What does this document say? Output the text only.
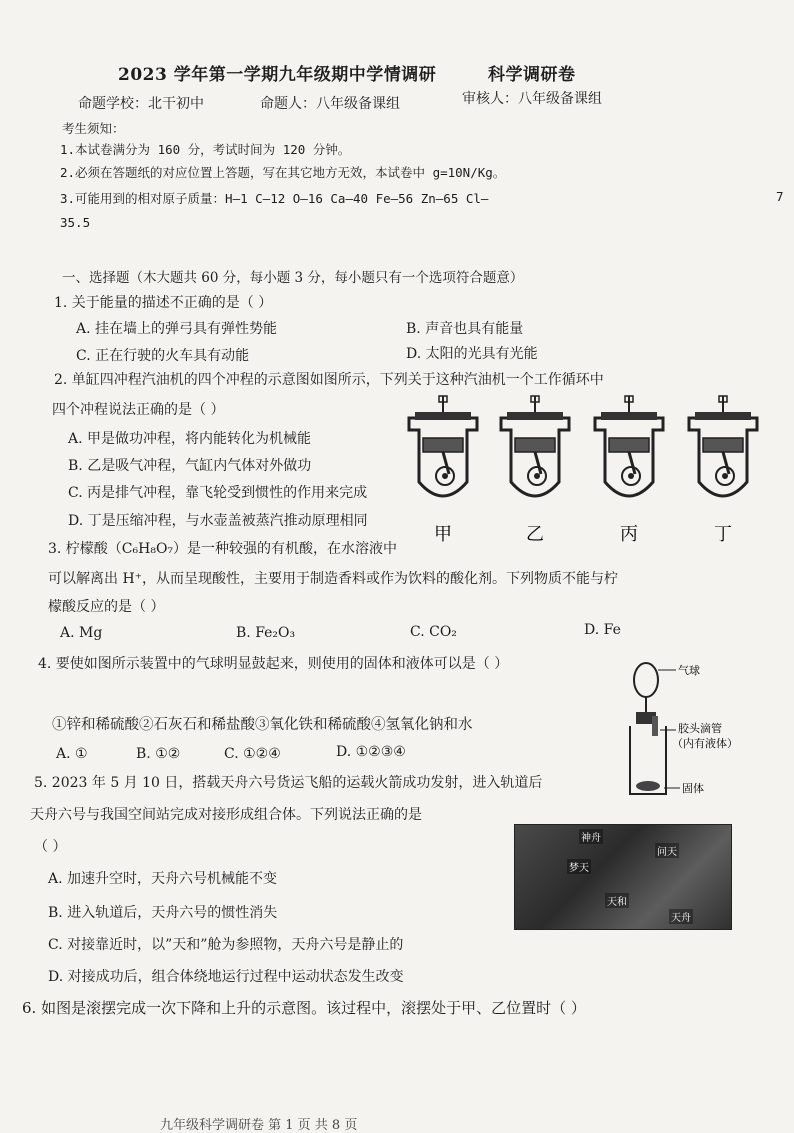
2023 学年第一学期九年级期中学情调研	科学调研卷
命题学校：北干初中	命题人：八年级备课组	审核人：八年级备课组
考生须知：
1.本试卷满分为 160 分，考试时间为 120 分钟。
2.必须在答题纸的对应位置上答题，写在其它地方无效，本试卷中 g=10N/Kg。
3.可能用到的相对原子质量：H—1 C—12 O—16 Ca—40 Fe—56 Zn—65 Cl—
35.5
7
一、选择题（木大题共 60 分，每小题 3 分，每小题只有一个选项符合题意）
1. 关于能量的描述不正确的是（ ）
A. 挂在墙上的弹弓具有弹性势能	B. 声音也具有能量
C. 正在行驶的火车具有动能	D. 太阳的光具有光能
2. 单缸四冲程汽油机的四个冲程的示意图如图所示，下列关于这种汽油机一个工作循环中
四个冲程说法正确的是（ ）
A. 甲是做功冲程，将内能转化为机械能
B. 乙是吸气冲程，气缸内气体对外做功
C. 丙是排气冲程，靠飞轮受到惯性的作用来完成
D. 丁是压缩冲程，与水壶盖被蒸汽推动原理相同
甲	乙	丙	丁
3. 柠檬酸（C₆H₈O₇）是一种较强的有机酸，在水溶液中
可以解离出 H⁺，从而呈现酸性，主要用于制造香料或作为饮料的酸化剂。下列物质不能与柠
檬酸反应的是（ ）
A. Mg	B. Fe₂O₃	C. CO₂	D. Fe
4. 要使如图所示装置中的气球明显鼓起来，则使用的固体和液体可以是（ ）
①锌和稀硫酸②石灰石和稀盐酸③氧化铁和稀硫酸④氢氧化钠和水
A. ①	B. ①②	C. ①②④	D. ①②③④
气球
胶头滴管
（内有液体）
固体
5. 2023 年 5 月 10 日，搭载天舟六号货运飞船的运载火箭成功发射，进入轨道后
天舟六号与我国空间站完成对接形成组合体。下列说法正确的是
（ ）
A. 加速升空时，天舟六号机械能不变
B. 进入轨道后，天舟六号的惯性消失
C. 对接靠近时，以”天和”舱为参照物，天舟六号是静止的
D. 对接成功后，组合体绕地运行过程中运动状态发生改变
神舟
问天
梦天
天和
天舟
6. 如图是滚摆完成一次下降和上升的示意图。该过程中，滚摆处于甲、乙位置时（ ）
九年级科学调研卷 第 1 页 共 8 页
